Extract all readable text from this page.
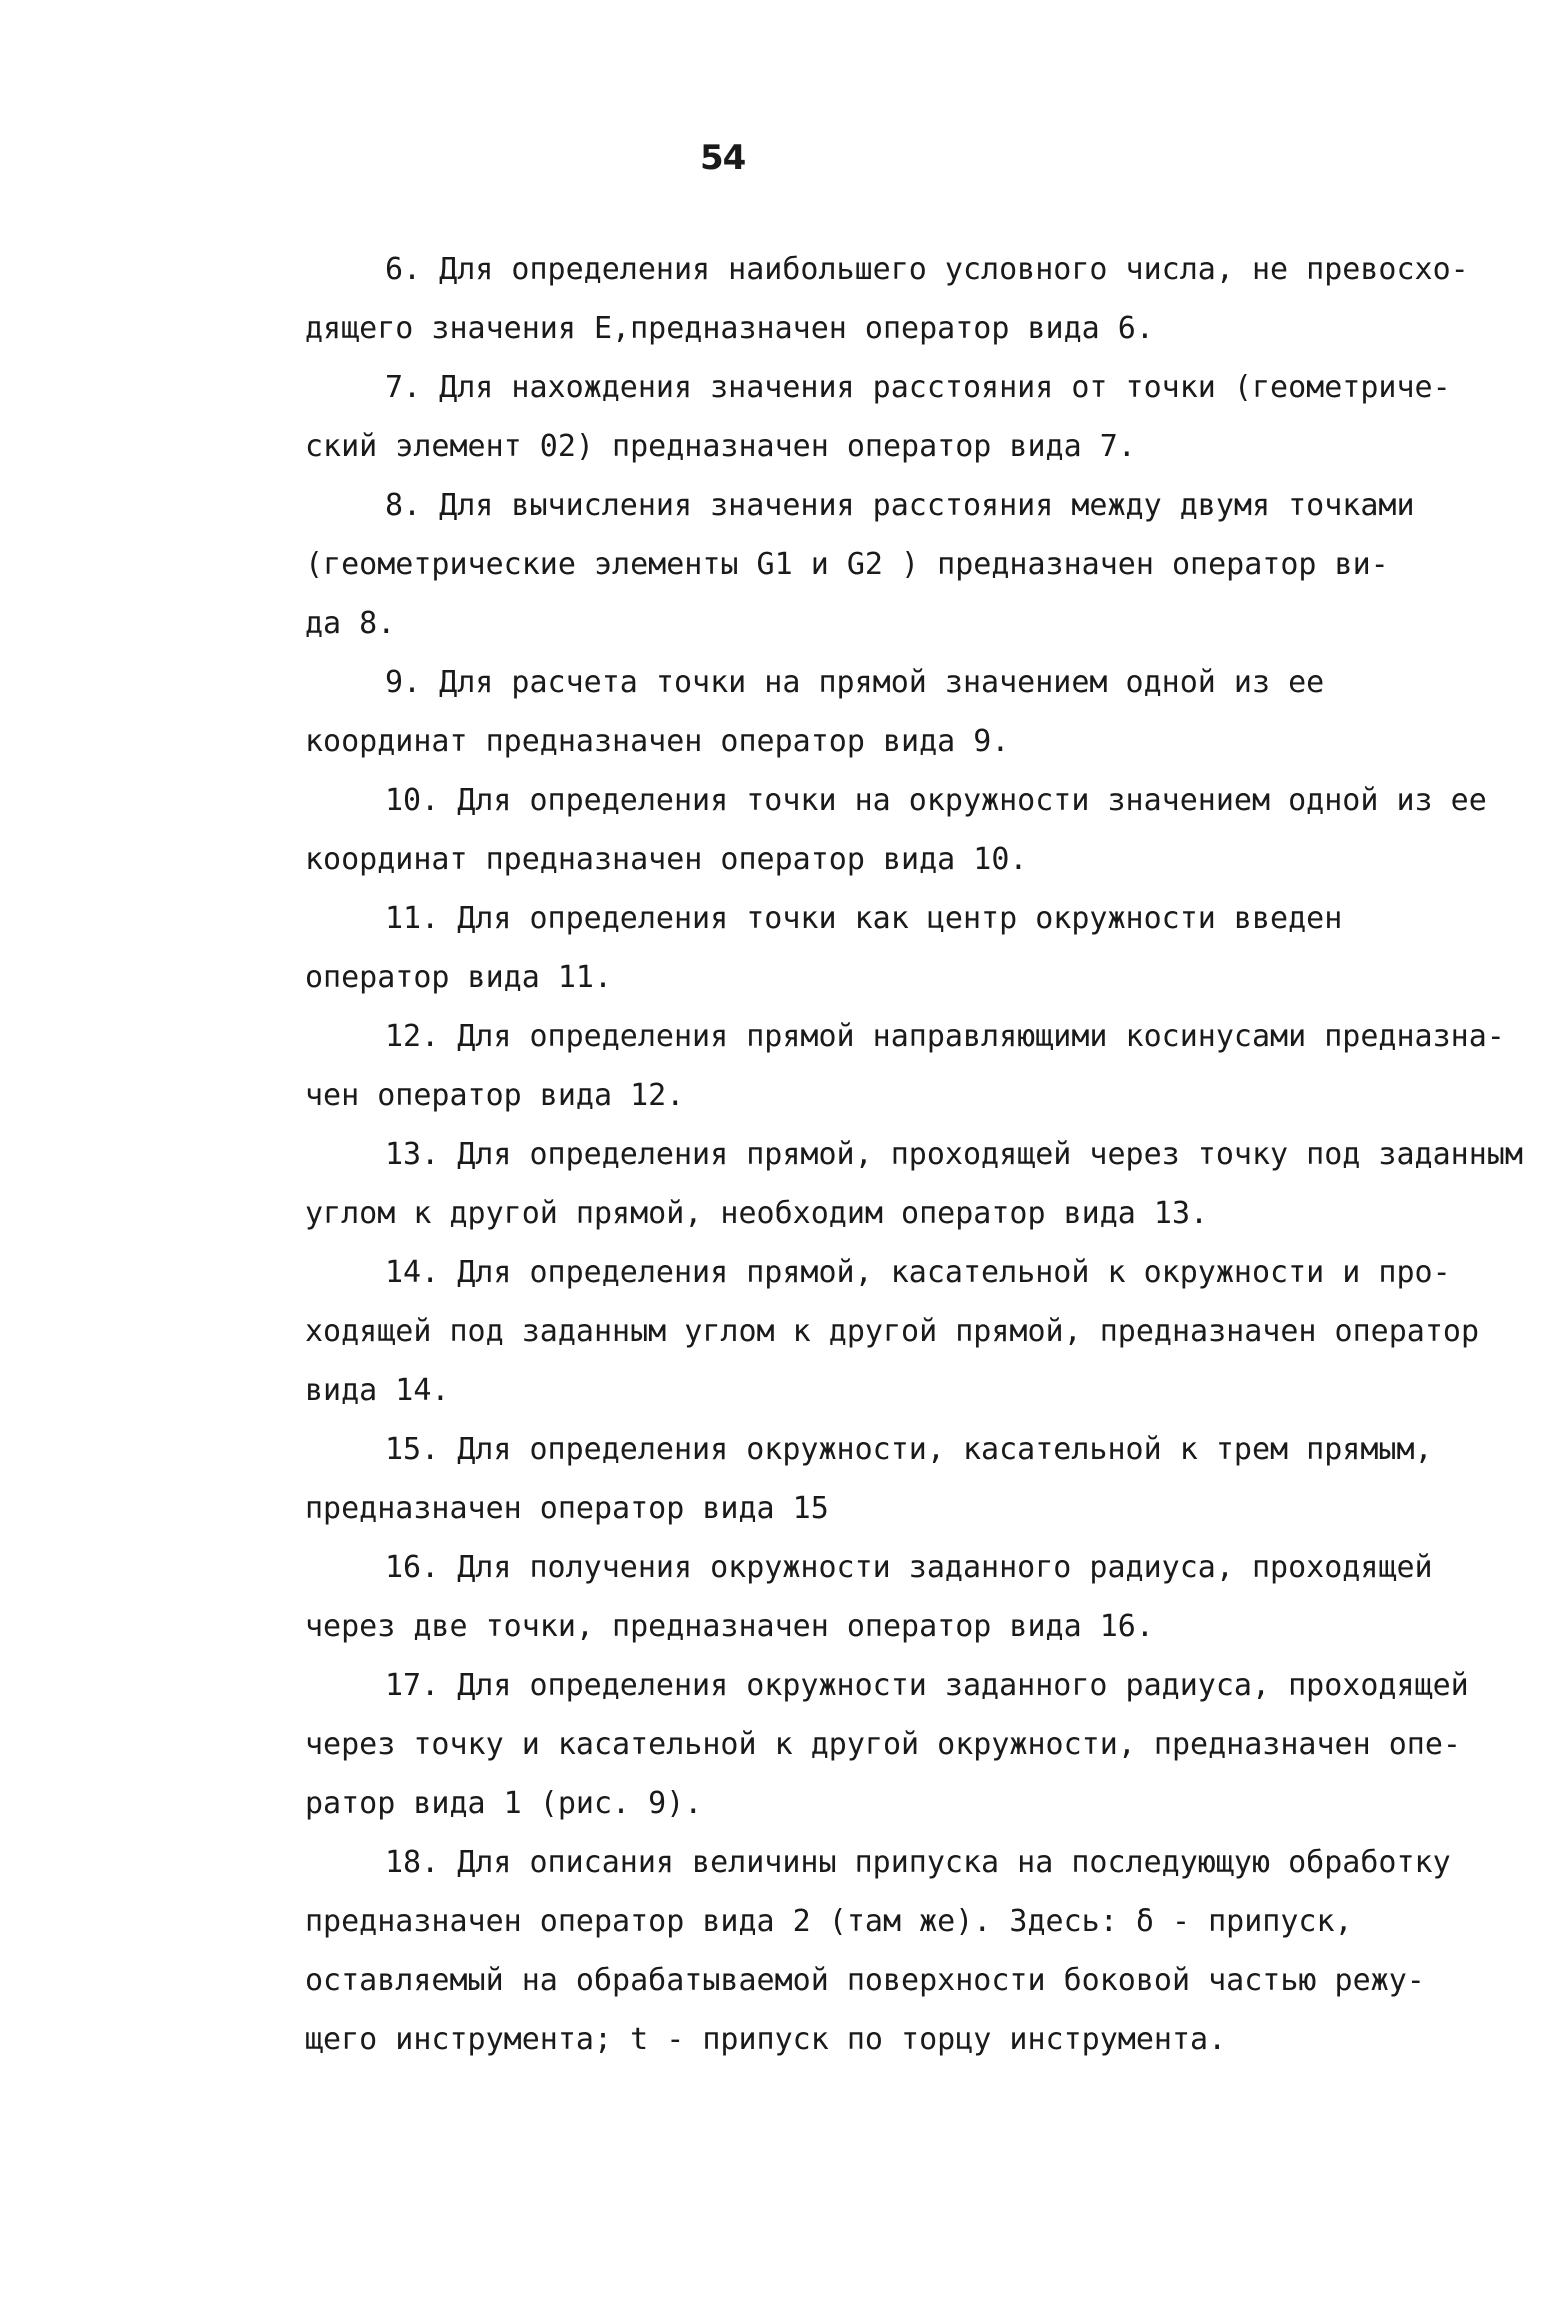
54
6. Для определения наибольшего условного числа, не превосхо-
дящего значения E,предназначен оператор вида 6.
7. Для нахождения значения расстояния от точки (геометриче-
ский элемент 02) предназначен оператор вида 7.
8. Для вычисления значения расстояния между двумя точками
(геометрические элементы G1 и G2 ) предназначен оператор ви-
да 8.
9. Для расчета точки на прямой значением одной из ее
координат предназначен оператор вида 9.
10. Для определения точки на окружности значением одной из ее
координат предназначен оператор вида 10.
11. Для определения точки как центр окружности введен
оператор вида 11.
12. Для определения прямой направляющими косинусами предназна-
чен оператор вида 12.
13. Для определения прямой, проходящей через точку под заданным
углом к другой прямой, необходим оператор вида 13.
14. Для определения прямой, касательной к окружности и про-
ходящей под заданным углом к другой прямой, предназначен оператор
вида 14.
15. Для определения окружности, касательной к трем прямым,
предназначен оператор вида 15
16. Для получения окружности заданного радиуса, проходящей
через две точки, предназначен оператор вида 16.
17. Для определения окружности заданного радиуса, проходящей
через точку и касательной к другой окружности, предназначен опе-
ратор вида 1 (рис. 9).
18. Для описания величины припуска на последующую обработку
предназначен оператор вида 2 (там же). Здесь: δ - припуск,
оставляемый на обрабатываемой поверхности боковой частью режу-
щего инструмента; t - припуск по торцу инструмента.
